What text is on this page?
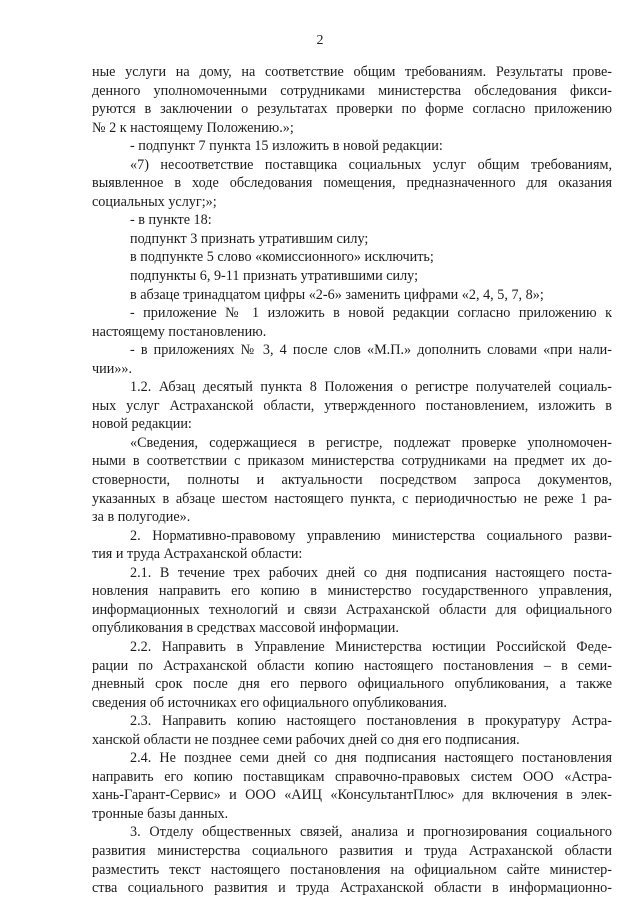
2
ные услуги на дому, на соответствие общим требованиям. Результаты прове-
денного уполномоченными сотрудниками министерства обследования фикси-
руются в заключении о результатах проверки по форме согласно приложению
№ 2 к настоящему Положению.»;
- подпункт 7 пункта 15 изложить в новой редакции:
«7) несоответствие поставщика социальных услуг общим требованиям,
выявленное в ходе обследования помещения, предназначенного для оказания
социальных услуг;»;
- в пункте 18:
подпункт 3 признать утратившим силу;
в подпункте 5 слово «комиссионного» исключить;
подпункты 6, 9-11 признать утратившими силу;
в абзаце тринадцатом цифры «2-6» заменить цифрами «2, 4, 5, 7, 8»;
- приложение № 1 изложить в новой редакции согласно приложению к
настоящему постановлению.
- в приложениях № 3, 4 после слов «М.П.» дополнить словами «при нали-
чии»».
1.2. Абзац десятый пункта 8 Положения о регистре получателей социаль-
ных услуг Астраханской области, утвержденного постановлением, изложить в
новой редакции:
«Сведения, содержащиеся в регистре, подлежат проверке уполномочен-
ными в соответствии с приказом министерства сотрудниками на предмет их до-
стоверности, полноты и актуальности посредством запроса документов,
указанных в абзаце шестом настоящего пункта, с периодичностью не реже 1 ра-
за в полугодие».
2. Нормативно-правовому управлению министерства социального разви-
тия и труда Астраханской области:
2.1. В течение трех рабочих дней со дня подписания настоящего поста-
новления направить его копию в министерство государственного управления,
информационных технологий и связи Астраханской области для официального
опубликования в средствах массовой информации.
2.2. Направить в Управление Министерства юстиции Российской Феде-
рации по Астраханской области копию настоящего постановления – в семи-
дневный срок после дня его первого официального опубликования, а также
сведения об источниках его официального опубликования.
2.3. Направить копию настоящего постановления в прокуратуру Астра-
ханской области не позднее семи рабочих дней со дня его подписания.
2.4. Не позднее семи дней со дня подписания настоящего постановления
направить его копию поставщикам справочно-правовых систем ООО «Астра-
хань-Гарант-Сервис» и ООО «АИЦ «КонсультантПлюс» для включения в элек-
тронные базы данных.
3. Отделу общественных связей, анализа и прогнозирования социального
развития министерства социального развития и труда Астраханской области
разместить текст настоящего постановления на официальном сайте министер-
ства социального развития и труда Астраханской области в информационно-
